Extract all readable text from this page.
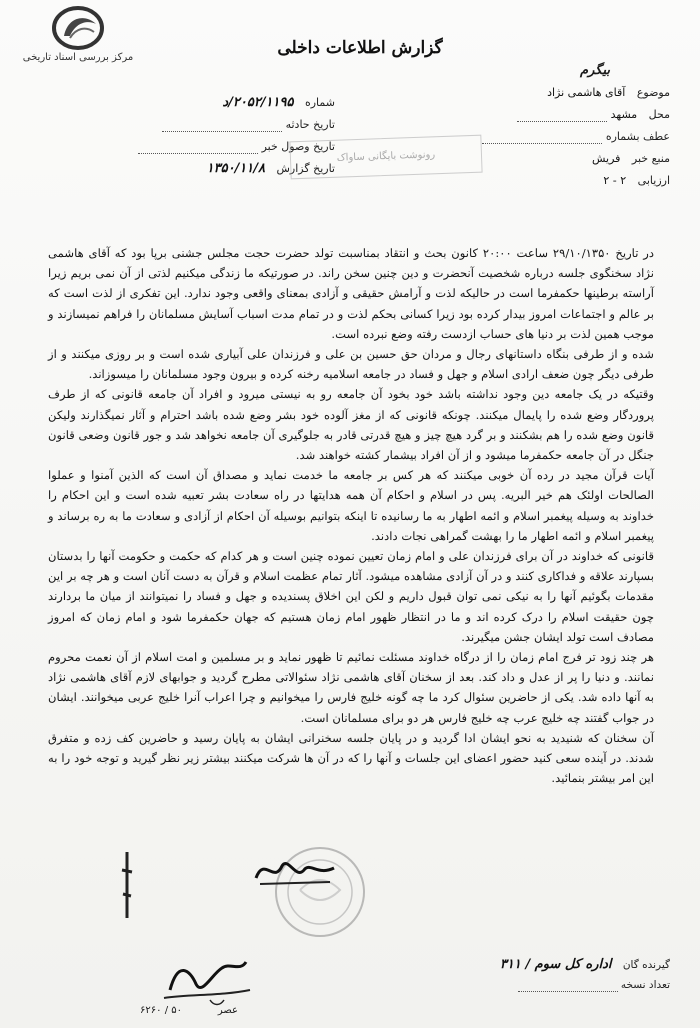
مرکز بررسی اسناد تاریخی	گزارش اطلاعات داخلی
بیگرم
موضوع آقای هاشمی نژاد
محل مشهد
عطف بشماره
منبع خبر فریش
ارزیابی ۲ - ۲
شماره ۲۰۵۲/۱۱۹۵/د
تاریخ حادثه
تاریخ وصول خبر
تاریخ گزارش ۱۳۵۰/۱۱/۸
رونوشت بایگانی ساواک

در تاریخ ۲۹/۱۰/۱۳۵۰ ساعت ۲۰:۰۰ کانون بحث و انتقاد بمناسبت تولد حضرت حجت مجلس جشنی برپا بود که آقای هاشمی نژاد سخنگوی جلسه درباره شخصیت آنحضرت و دین چنین سخن راند. در صورتیکه ما زندگی میکنیم لذتی از آن نمی بریم زیرا آراسته برطینها حکمفرما است در حالیکه لذت و آرامش حقیقی و آزادی بمعنای واقعی وجود ندارد. این تفکری از لذت است که بر عالم و اجتماعات امروز بیدار کرده بود زیرا کسانی بحکم لذت و در تمام مدت اسباب آسایش مسلمانان را فراهم نمیسازند و موجب همین لذت بر دنیا های حساب ازدست رفته وضع نبرده است.

شده و از طرفی بنگاه داستانهای رجال و مردان حق حسین بن علی و فرزندان علی آبیاری شده است و بر روزی میکنند و از طرفی دیگر چون ضعف ارادی اسلام و جهل و فساد در جامعه اسلامیه رخنه کرده و بیرون وجود مسلمانان را میسوزاند.

وقتیکه در یک جامعه دین وجود نداشته باشد خود بخود آن جامعه رو به نیستی میرود و افراد آن جامعه قانونی که از طرف پروردگار وضع شده را پایمال میکنند. چونکه قانونی که از مغز آلوده خود بشر وضع شده باشد احترام و آثار نمیگذارند ولیکن قانون وضع شده را هم بشکنند و بر گرد هیچ چیز و هیچ قدرتی قادر به جلوگیری آن جامعه نخواهد شد و جور قانون وضعی قانون جنگل در آن جامعه حکمفرما میشود و از آن افراد بیشمار کشته خواهند شد.

آیات قرآن مجید در رده آن خوبی میکنند که هر کس بر جامعه ما خدمت نماید و مصداق آن است که الذین آمنوا و عملوا الصالحات اولئک هم خیر البریه. پس در اسلام و احکام آن همه هدایتها در راه سعادت بشر تعبیه شده است و این احکام را خداوند به وسیله پیغمبر اسلام و ائمه اطهار به ما رسانیده تا اینکه بتوانیم بوسیله آن احکام از آزادی و سعادت ما به ره برساند و پیغمبر اسلام و ائمه اطهار ما را بهشت گمراهی نجات دادند.

قانونی که خداوند در آن برای فرزندان علی و امام زمان تعیین نموده چنین است و هر کدام که حکمت و حکومت آنها را بدستان بسپارند علاقه و فداکاری کنند و در آن آزادی مشاهده میشود. آثار تمام عظمت اسلام و قرآن به دست آنان است و هر چه بر این مقدمات بگوئیم آنها را به نیکی نمی توان قبول داریم و لکن این اخلاق پسندیده و جهل و فساد را نمیتوانند از میان ما بردارند چون حقیقت اسلام را درک کرده اند و ما در انتظار ظهور امام زمان هستیم که جهان حکمفرما شود و امام زمان که امروز مصادف است تولد ایشان جشن میگیرند.

هر چند زود تر فرج امام زمان را از درگاه خداوند مسئلت نمائیم تا ظهور نماید و بر مسلمین و امت اسلام از آن نعمت محروم نمانند. و دنیا را پر از عدل و داد کند. بعد از سخنان آقای هاشمی نژاد سئوالاتی مطرح گردید و جوابهای لازم آقای هاشمی نژاد به آنها داده شد. یکی از حاضرین سئوال کرد ما چه گونه خلیج فارس را میخوانیم و چرا اعراب آنرا خلیج عربی میخوانند. ایشان در جواب گفتند چه خلیج عرب چه خلیج فارس هر دو برای مسلمانان است.

آن سخنان که شنیدید به نحو ایشان ادا گردید و در پایان جلسه سخنرانی ایشان به پایان رسید و حاضرین کف زده و متفرق شدند. در آینده سعی کنید حضور اعضای این جلسات و آنها را که در آن ها شرکت میکنند بیشتر زیر نظر گیرید و توجه خود را به این امر بیشتر بنمائید.

گیرنده گان اداره کل سوم / ۳۱۱
تعداد نسخه
عصر
۵۰ / ۶۲۶۰
